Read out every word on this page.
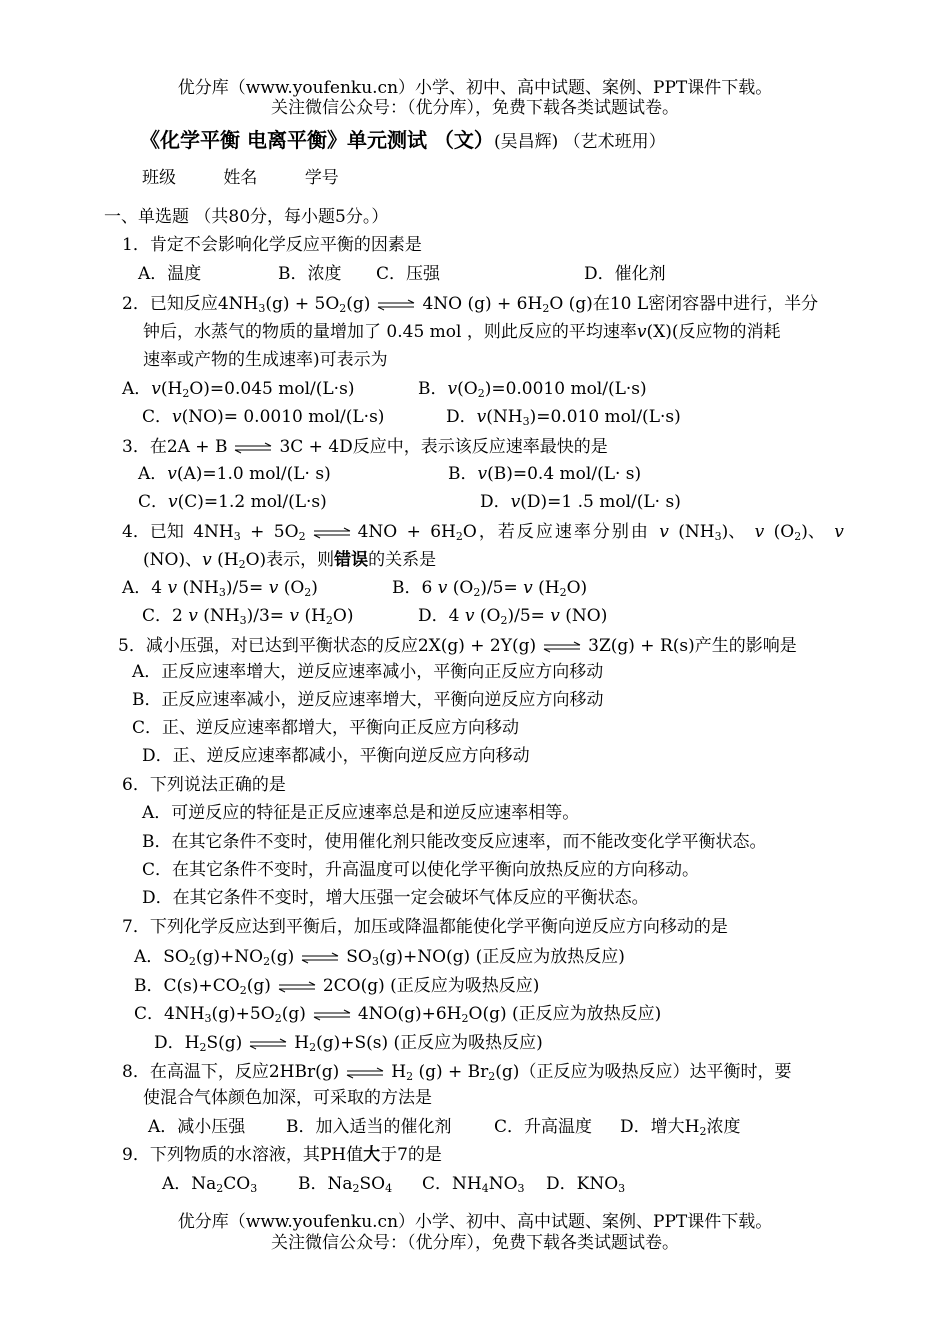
优分库（www.youfenku.cn）小学、初中、高中试题、案例、PPT课件下载。
关注微信公众号：（优分库），免费下载各类试题试卷。
《化学平衡 电离平衡》单元测试 （文）(吴昌辉) （艺术班用）
班级	姓名	学号
一、单选题 （共80分，每小题5分。）
1．肯定不会影响化学反应平衡的因素是
A．温度	B．浓度 C．压强	D．催化剂
2．已知反应$4NH_3(g) + 5O_2(g)$	4NO $(g) + 6H_2O$ (g)在10 L密闭容器中进行，半分
钟后，水蒸气的物质的量增加了 0.45 mol ，则此反应的平均速率v(X)(反应物的消耗
速率或产物的生成速率)可表示为
A．$v(H_2O)=0.045$ mol/(L·s)	B．$v(O_2)=0.0010$ mol/(L·s)
C．v(NO)= 0.0010 mol/(L·s)	D．$v(NH_3)=0.010$ mol/(L·s)
3．在2A + B	3C + 4D反应中，表示该反应速率最快的是
A．v(A)=1.0 mol/(L· s)	B．v(B)=0.4 mol/(L· s)
C．v(C)=1.2 mol/(L·s)	D．v(D)=1 .5 mol/(L· s)
4．已知 $4NH_3 + 5O_2$	$4NO + 6H_2O$，若反应速率分别由 v $(NH_3)$、 v $(O_2)$、 v
(NO)、v $(H_2O)$表示，则错误的关系是
A．4 v $(NH_3)/5= v$ $(O_2)$	B．6 v $(O_2)/5= v$ $(H_2O)$
C．2 v $(NH_3)/3= v$ $(H_2O)$	D．4 v $(O_2)/5= v$ (NO)
5．减小压强，对已达到平衡状态的反应2X(g) + 2Y(g)	3Z(g) + R(s)产生的影响是
A．正反应速率增大，逆反应速率减小，平衡向正反应方向移动
B．正反应速率减小，逆反应速率增大，平衡向逆反应方向移动
C．正、逆反应速率都增大，平衡向正反应方向移动
D．正、逆反应速率都减小，平衡向逆反应方向移动
6．下列说法正确的是
A．可逆反应的特征是正反应速率总是和逆反应速率相等。
B．在其它条件不变时，使用催化剂只能改变反应速率，而不能改变化学平衡状态。
C．在其它条件不变时，升高温度可以使化学平衡向放热反应的方向移动。
D．在其它条件不变时，增大压强一定会破坏气体反应的平衡状态。
7．下列化学反应达到平衡后，加压或降温都能使化学平衡向逆反应方向移动的是
A．$SO_2(g)+NO_2(g)$	$SO_3(g)+NO(g)$ (正反应为放热反应)
B．$C(s)+CO_2(g)$	2CO(g) (正反应为吸热反应)
C．$4NH_3(g)+5O_2(g)$	$4NO(g)+6H_2O(g)$ (正反应为放热反应)
D．$H_2S(g)$	$H_2(g)+S(s)$ (正反应为吸热反应)
8．在高温下，反应2HBr(g)	$H_2$ $(g) + Br_2(g)$（正反应为吸热反应）达平衡时，要
使混合气体颜色加深，可采取的方法是
A．减小压强 B．加入适当的催化剂	C．升高温度 D．增大$H_2$浓度
9．下列物质的水溶液，其PH值大于7的是
A．$Na_2CO_3$ B．$Na_2SO_4$ C．$NH_4NO_3$ D．$KNO_3$
优分库（www.youfenku.cn）小学、初中、高中试题、案例、PPT课件下载。
关注微信公众号：（优分库），免费下载各类试题试卷。
